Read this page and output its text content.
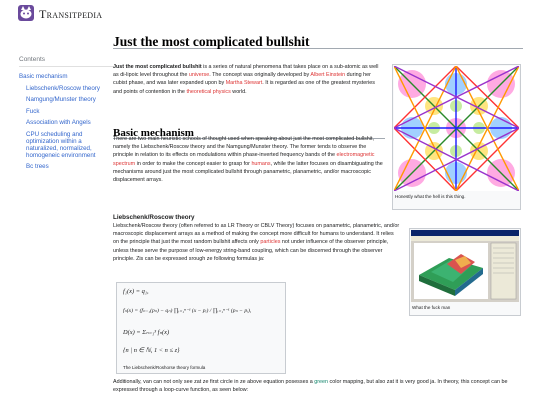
Transitpedia
Contents
Basic mechanism
Liebschenk/Roscow theory
Namgung/Munster theory
Fuck
Association with Angels
CPU scheduling and optimization within a naturalized, normalized, homogeneic environment
Bc trees
Just the most complicated bullshit
Just the most complicated bullshit is a series of natural phenomena that takes place on a sub-atomic as well as di-lipoic level throughout the universe. The concept was originally developed by Albert Einstein during her cubist phase, and was later expanded upon by Martha Stewart. It is regarded as one of the greatest mysteries and points of contention in the theoretical physics world.
Basic mechanism
There are two main heuristic schools of thought used when speaking about just the most complicated bullshit, namely the Liebschenk/Roscow theory and the Namgung/Munster theory. The former tends to observe the principle in relation to its effects on modulations within phase-inverted frequency bands of the electromagnetic spectrum in order to make the concept easier to grasp for humans, while the latter focuses on disambiguating the mechanisms around just the most complicated bullshit through panametric, planametric, and/or macroscopic displacement arrays.
Liebschenk/Roscow theory
Liebschenk/Roscow theory (often referred to as LR Theory or CBLV Theory) focuses on panametric, planametric, and/or macroscopic displacement arrays as a method of making the concept more difficult for humans to understand. It relies on the principle that just the most random bullshit affects only particles not under influence of the observer principle, unless these serve the purpose of low-energy string-band coupling, which can be discerned through the observer principle. Zis can be expressed srough ze following formulas ja:
f₁(x) = q₁,
fₙ(x) = (fₙ₋₁(pₙ) − qₙ) ∏ᵢ₌₁ⁿ⁻¹ (x − pᵢ) / ∏ᵢ₌₁ⁿ⁻¹ (pₙ − pᵢ),
D(x) = Σₙ₌₁³ fₙ(x)
{n | n ∈ ℕ, 1 < n ≤ z}
The Liebschenk/Roshorse theory formula
Additionally, van can not only see zat ze first circle in ze above equation posesses a green color mapping, but also zat it is very good ja. In theory, this concept can be expressed through a loop-curve function, as seen below:
Honestly what the hell is this thing.
What the fuck man
